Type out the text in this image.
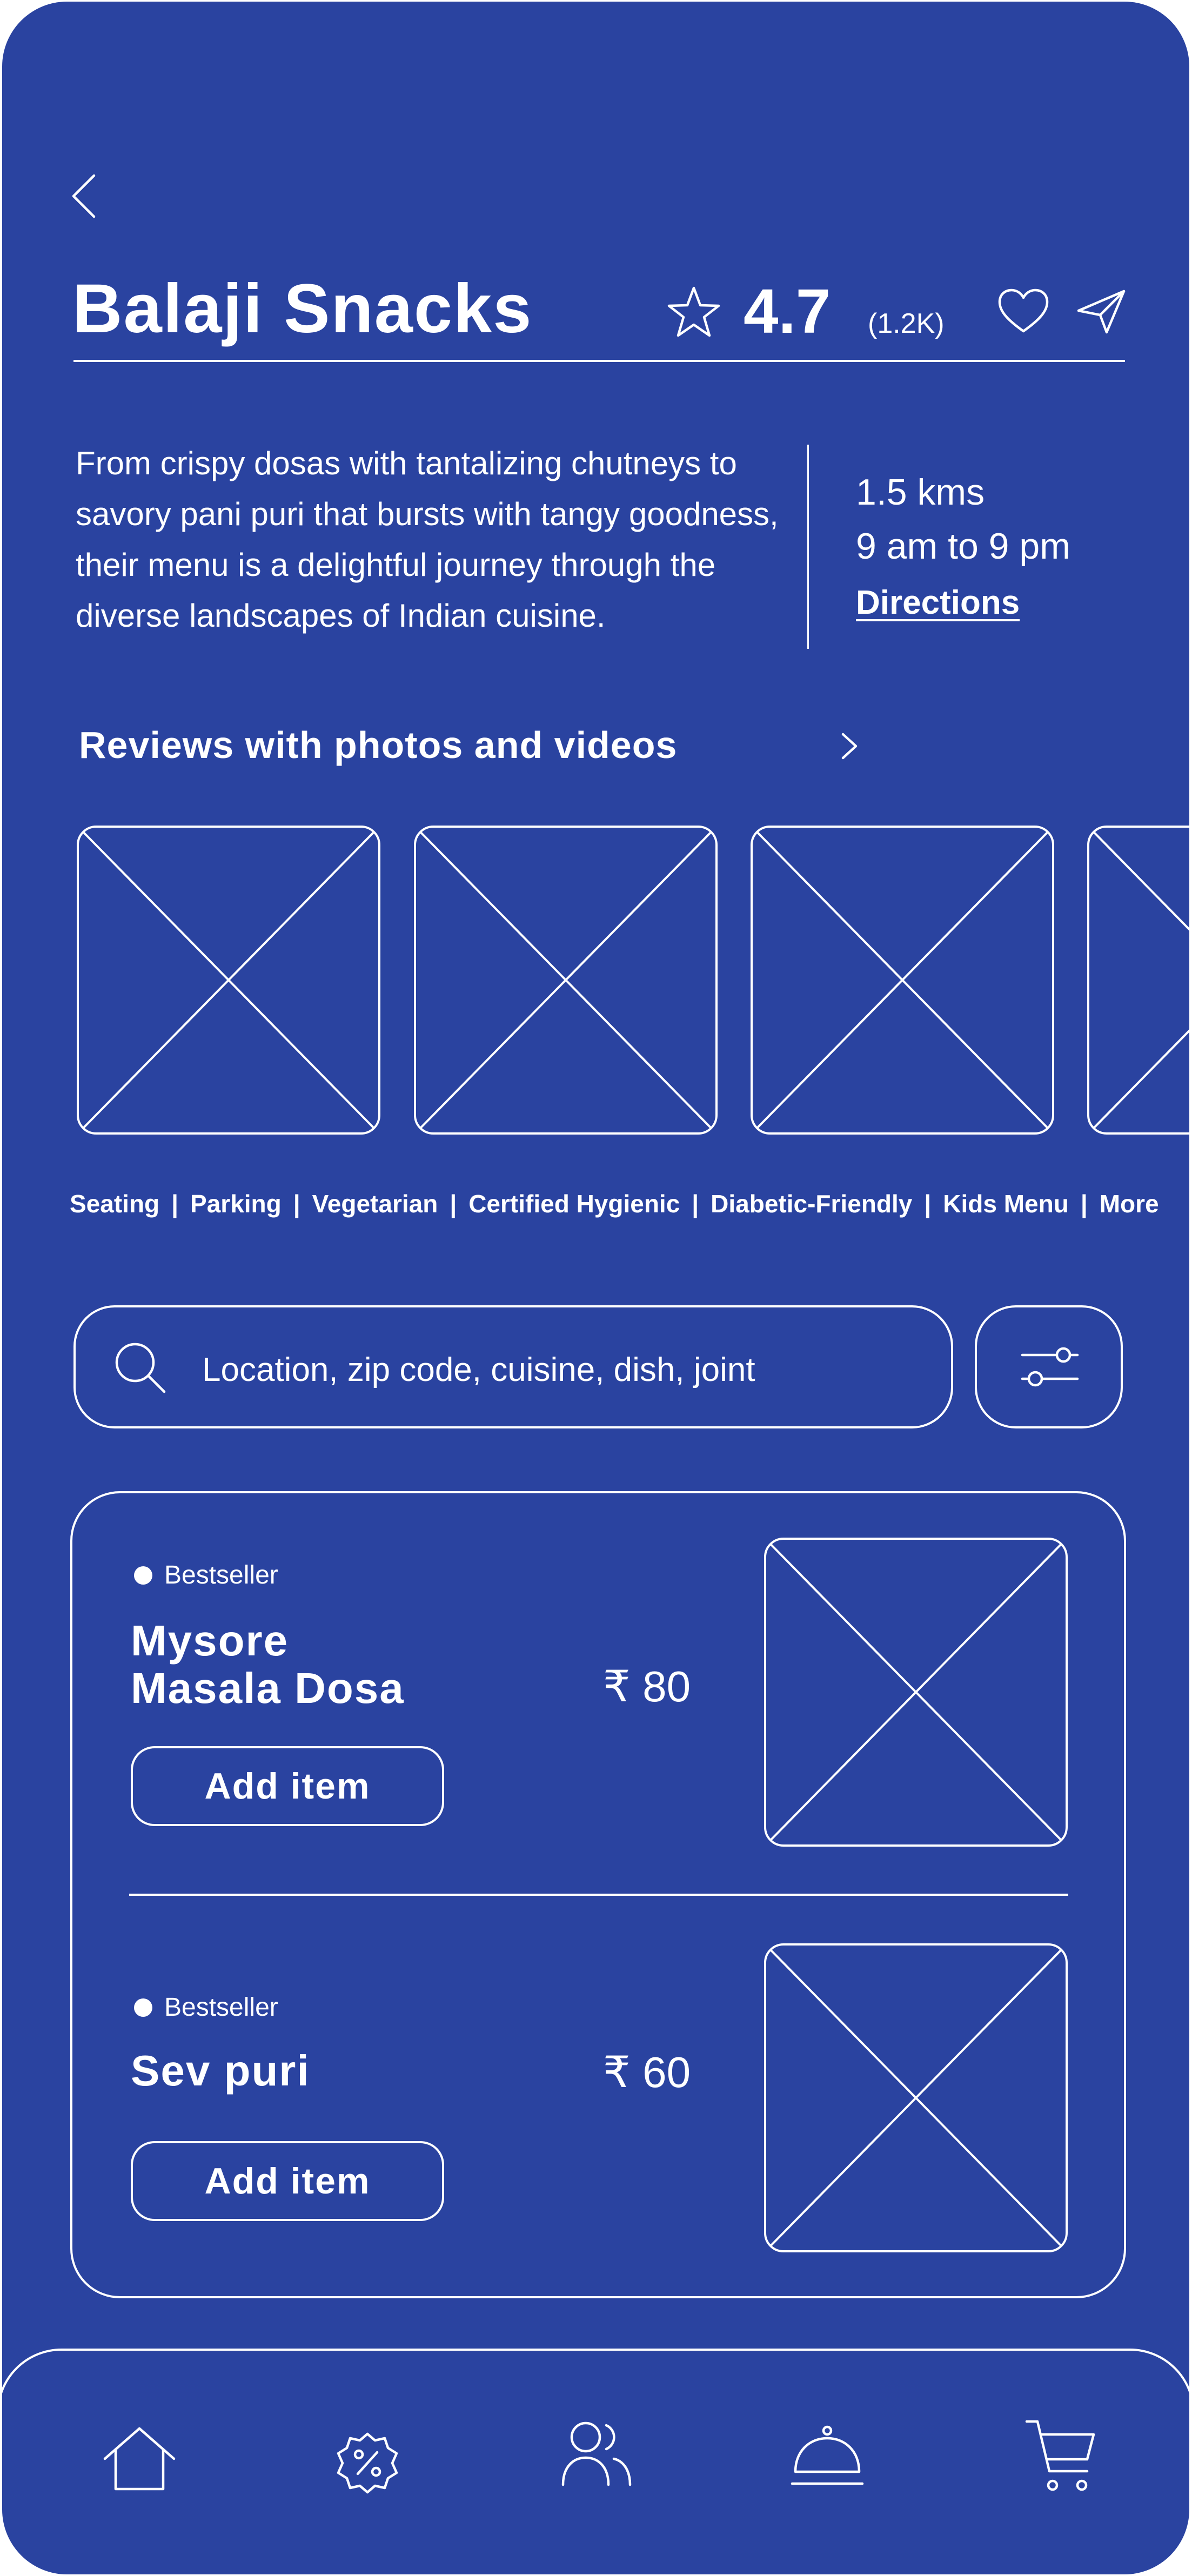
Balaji Snacks	4.7 (1.2K)
From crispy dosas with tantalizing chutneys to savory pani puri that bursts with tangy goodness, their menu is a delightful journey through the diverse landscapes of Indian cuisine.
1.5 kms
9 am to 9 pm
Directions
Reviews with photos and videos
Seating | Parking | Vegetarian | Certified Hygienic | Diabetic-Friendly | Kids Menu | More
Location, zip code, cuisine, dish, joint
Bestseller
Mysore
Masala Dosa	₹ 80
Add item
Bestseller
Sev puri	₹ 60
Add item
